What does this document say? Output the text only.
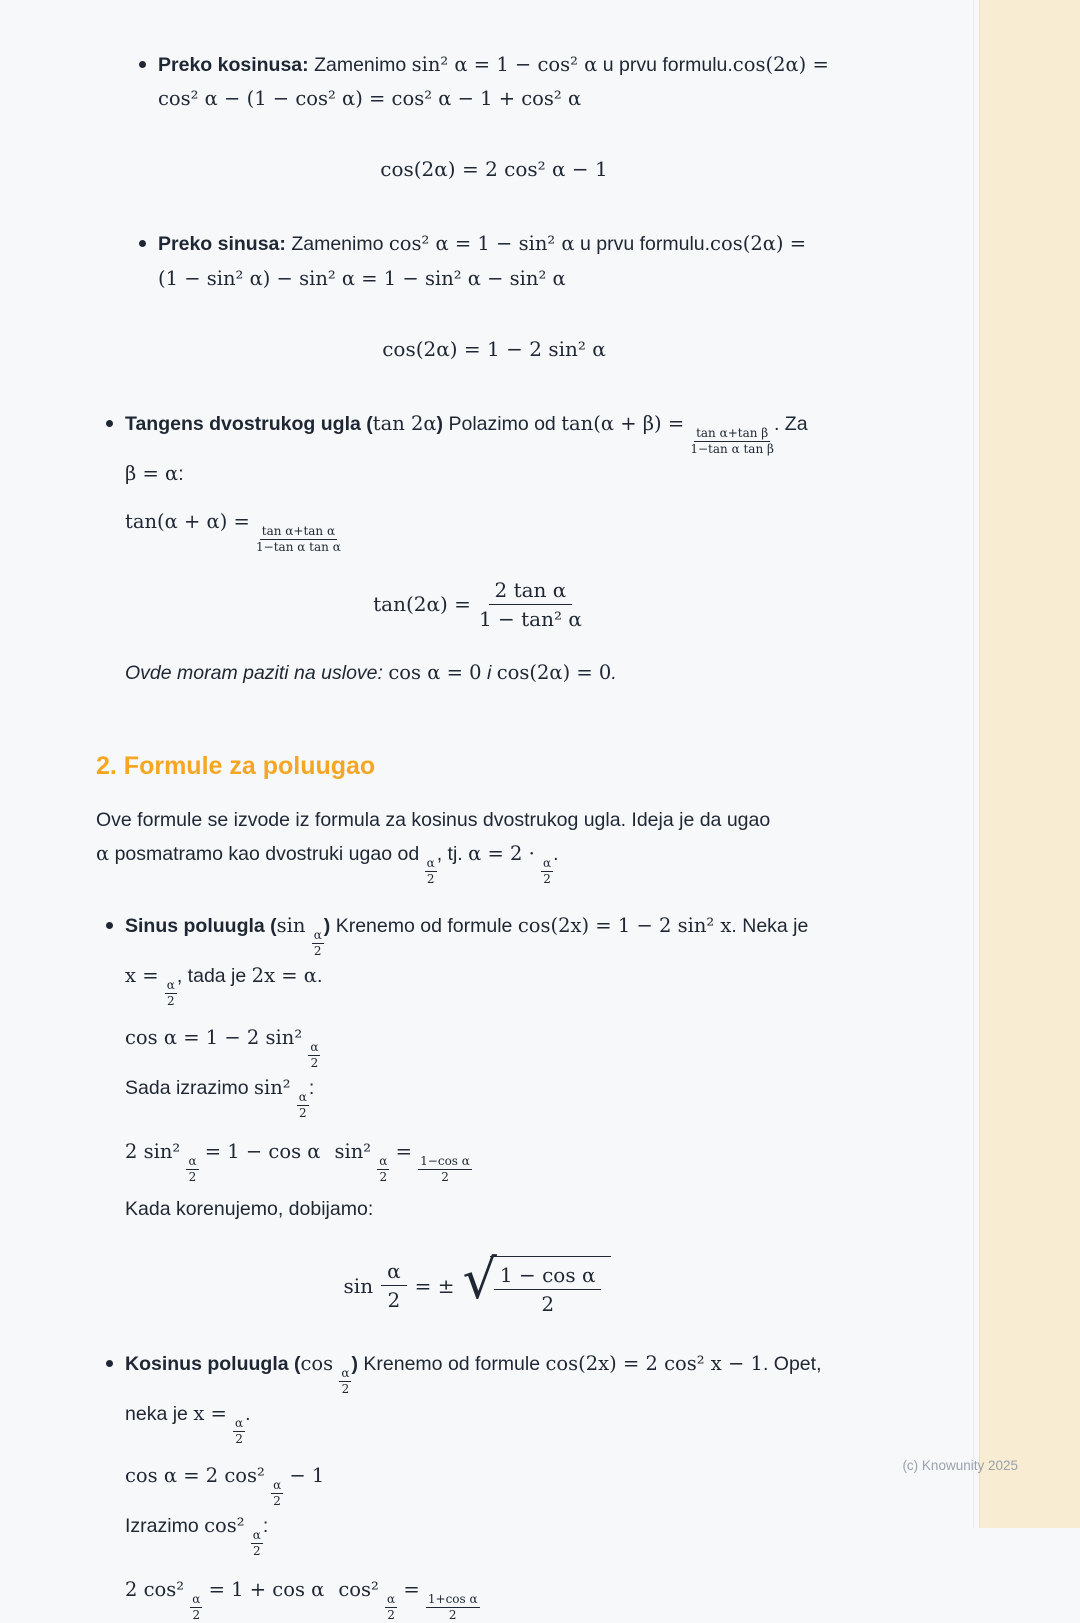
Preko kosinusa: Zamenimo sin² α = 1 − cos² α u prvu formulu.cos(2α) =
cos² α − (1 − cos² α) = cos² α − 1 + cos² α

cos(2α) = 2 cos² α − 1

Preko sinusa: Zamenimo cos² α = 1 − sin² α u prvu formulu.cos(2α) =
(1 − sin² α) − sin² α = 1 − sin² α − sin² α

cos(2α) = 1 − 2 sin² α

Tangens dvostrukog ugla (tan 2α) Polazimo od tan(α + β) =
$\frac{\text{tan α+tan β}}{\text{1−tan α tan β}}$
. Za
β = α:

tan(α + α) =
$\frac{\text{tan α+tan α}}{\text{1−tan α tan α}}$

$\tan(2\alpha) = \frac{\text{2 tan α}}{\text{1 − tan² α}}$

Ovde moram paziti na uslove: cos α = 0 i cos(2α) = 0.

2. Formule za poluugao

Ove formule se izvode iz formula za kosinus dvostrukog ugla. Ideja je da ugao
α posmatramo kao dvostruki ugao od
$\frac{\alpha}{2}$
, tj. α = 2 ·
$\frac{\alpha}{2}$
.

Sinus poluugla (sin
$\frac{\alpha}{2}$
) Krenemo od formule cos(2x) = 1 − 2 sin² x. Neka je
x =
$\frac{\alpha}{2}$
, tada je 2x = α.

cos α = 1 − 2 sin²
$\frac{\alpha}{2}$

Sada izrazimo sin²
$\frac{\alpha}{2}$
:

2 sin²
$\frac{\alpha}{2}$
= 1 − cos α sin²
$\frac{\alpha}{2}$
=
$\frac{\text{1−cos α}}{2}$

Kada korenujemo, dobijamo:

$\sin \frac{\alpha}{2}$ = ± √
$\frac{\text{1 − cos α}}{2}$

Kosinus poluugla (cos
$\frac{\alpha}{2}$
) Krenemo od formule cos(2x) = 2 cos² x − 1. Opet,
neka je x =
$\frac{\alpha}{2}$
.

cos α = 2 cos²
$\frac{\alpha}{2}$
− 1

Izrazimo cos²
$\frac{\alpha}{2}$
:

2 cos²
$\frac{\alpha}{2}$
= 1 + cos α cos²
$\frac{\alpha}{2}$
=
$\frac{\text{1+cos α}}{2}$

(c) Knowunity 2025
